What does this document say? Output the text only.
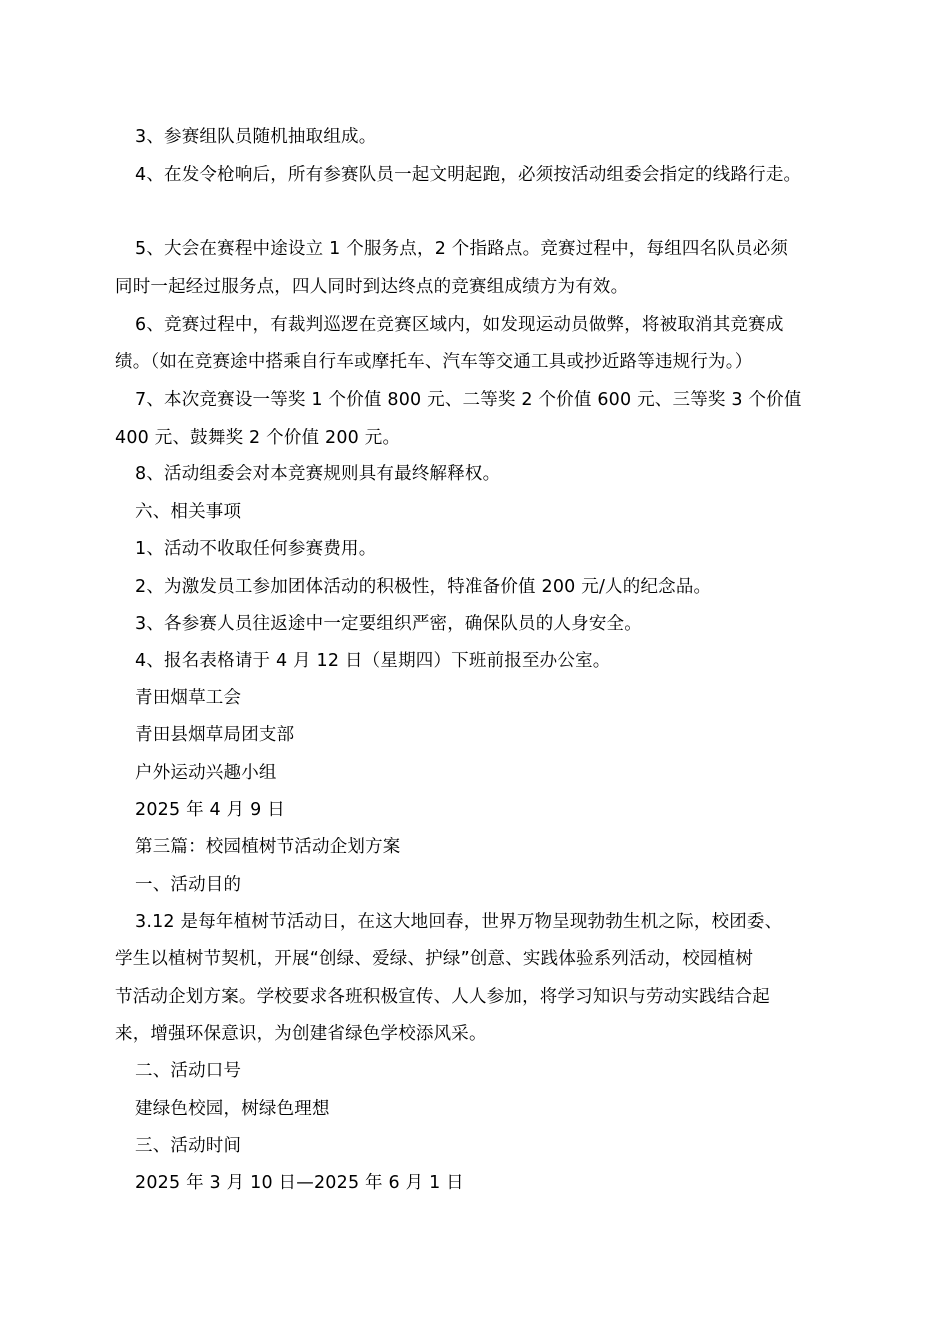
3、参赛组队员随机抽取组成。
4、在发令枪响后，所有参赛队员一起文明起跑，必须按活动组委会指定的线路行走。
5、大会在赛程中途设立 1 个服务点，2 个指路点。竞赛过程中，每组四名队员必须
同时一起经过服务点，四人同时到达终点的竞赛组成绩方为有效。
6、竞赛过程中，有裁判巡逻在竞赛区域内，如发现运动员做弊，将被取消其竞赛成
绩。（如在竞赛途中搭乘自行车或摩托车、汽车等交通工具或抄近路等违规行为。）
7、本次竞赛设一等奖 1 个价值 800 元、二等奖 2 个价值 600 元、三等奖 3 个价值
400 元、鼓舞奖 2 个价值 200 元。
8、活动组委会对本竞赛规则具有最终解释权。
六、相关事项
1、活动不收取任何参赛费用。
2、为激发员工参加团体活动的积极性，特准备价值 200 元/人的纪念品。
3、各参赛人员往返途中一定要组织严密，确保队员的人身安全。
4、报名表格请于 4 月 12 日（星期四）下班前报至办公室。
青田烟草工会
青田县烟草局团支部
户外运动兴趣小组
2025 年 4 月 9 日
第三篇：校园植树节活动企划方案
一、活动目的
3.12 是每年植树节活动日，在这大地回春，世界万物呈现勃勃生机之际，校团委、
学生以植树节契机，开展“创绿、爱绿、护绿”创意、实践体验系列活动，校园植树
节活动企划方案。学校要求各班积极宣传、人人参加，将学习知识与劳动实践结合起
来，增强环保意识，为创建省绿色学校添风采。
二、活动口号
建绿色校园，树绿色理想
三、活动时间
2025 年 3 月 10 日—2025 年 6 月 1 日
